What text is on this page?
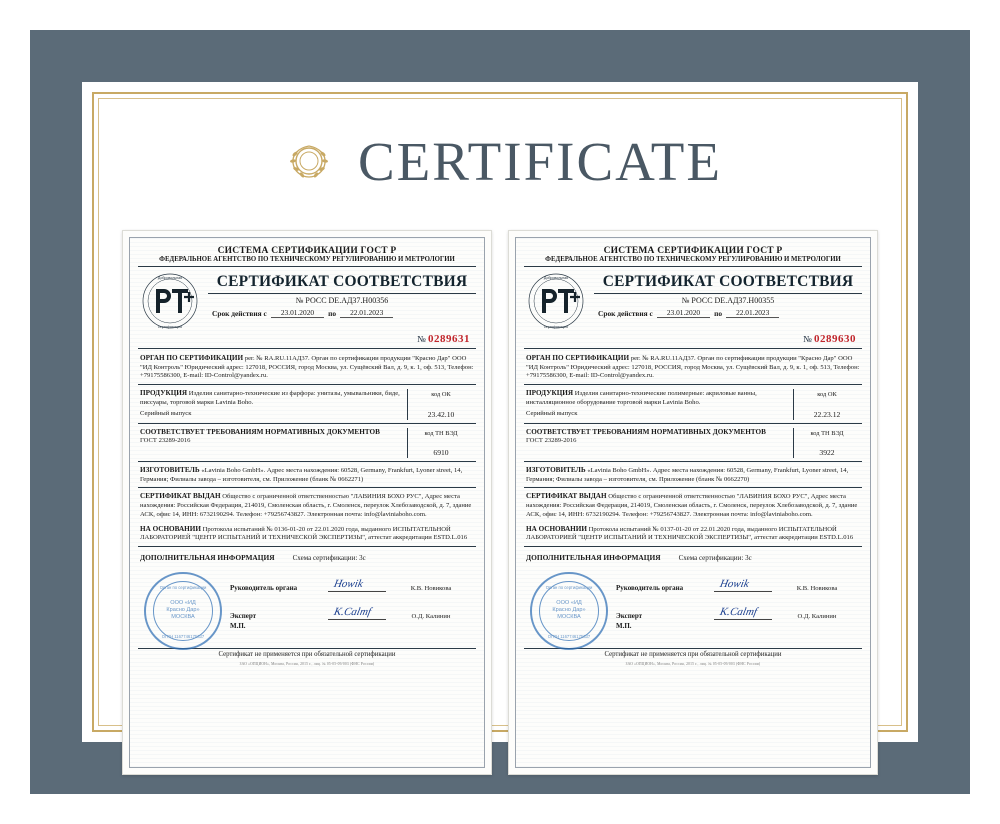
CERTIFICATE
СИСТЕМА СЕРТИФИКАЦИИ ГОСТ Р
ФЕДЕРАЛЬНОЕ АГЕНТСТВО ПО ТЕХНИЧЕСКОМУ РЕГУЛИРОВАНИЮ И МЕТРОЛОГИИ
Добровольная
сертификация
СЕРТИФИКАТ СООТВЕТСТВИЯ
№ РОСС DE.АД37.Н00356
Срок действия с	23.01.2020	по	22.01.2023
№ 0289631
ОРГАН ПО СЕРТИФИКАЦИИ рег. № RA.RU.11АД37. Орган по сертификации продукции "Красно Дар" ООО "ИД Контроль" Юридический адрес: 127018, РОССИЯ, город Москва, ул. Сущёвский Вал, д. 9, к. 1, оф. 513, Телефон: +79175586300, E-mail: ID-Control@yandex.ru.
ПРОДУКЦИЯ Изделия санитарно-технические из фарфора: унитазы, умывальники, биде, писсуары, торговой марки Lavinia Boho.
Серийный выпуск
код ОК
23.42.10
СООТВЕТСТВУЕТ ТРЕБОВАНИЯМ НОРМАТИВНЫХ ДОКУМЕНТОВ
ГОСТ 23289-2016
код ТН ВЭД
6910
ИЗГОТОВИТЕЛЬ «Lavinia Boho GmbH». Адрес места нахождения: 60528, Germany, Frankfurt, Lyoner street, 14, Германия; Филиалы завода – изготовителя, см. Приложение (бланк № 0662271)
СЕРТИФИКАТ ВЫДАН Общество с ограниченной ответственностью "ЛАВИНИЯ БОХО РУС", Адрес места нахождения: Российская Федерация, 214019, Смоленская область, г. Смоленск, переулок Хлебозаводской, д. 7, здание АСК, офис 14, ИНН: 6732190294. Телефон: +79256743827. Электронная почта: info@laviniaboho.com.
НА ОСНОВАНИИ Протокола испытаний № 0136-01-20 от 22.01.2020 года, выданного ИСПЫТАТЕЛЬНОЙ ЛАБОРАТОРИЕЙ "ЦЕНТР ИСПЫТАНИЙ И ТЕХНИЧЕСКОЙ ЭКСПЕРТИЗЫ", аттестат аккредитации ESTD.L.016
ДОПОЛНИТЕЛЬНАЯ ИНФОРМАЦИЯ	Схема сертификации: 3с
Орган по сертификации
ООО «ИД
Красно Дар»
МОСКВА
ОГРН 1167746175637
Руководитель органа	Howik	К.В. Новикова
Эксперт	K.Calmf	О.Д. Калинин
М.П.
Сертификат не применяется при обязательной сертификации
ЗАО «ОПЦИОН», Москва, Россия, 2015 г., лиц. № 05-05-09/003 (ФНС России)
СИСТЕМА СЕРТИФИКАЦИИ ГОСТ Р
ФЕДЕРАЛЬНОЕ АГЕНТСТВО ПО ТЕХНИЧЕСКОМУ РЕГУЛИРОВАНИЮ И МЕТРОЛОГИИ
Добровольная
сертификация
СЕРТИФИКАТ СООТВЕТСТВИЯ
№ РОСС DE.АД37.Н00355
Срок действия с	23.01.2020	по	22.01.2023
№ 0289630
ОРГАН ПО СЕРТИФИКАЦИИ рег. № RA.RU.11АД37. Орган по сертификации продукции "Красно Дар" ООО "ИД Контроль" Юридический адрес: 127018, РОССИЯ, город Москва, ул. Сущёвский Вал, д. 9, к. 1, оф. 513, Телефон: +79175586300, E-mail: ID-Control@yandex.ru.
ПРОДУКЦИЯ Изделия санитарно-технические полимерные: акриловые ванны, инсталляционное оборудование торговой марки Lavinia Boho.
Серийный выпуск
код ОК
22.23.12
СООТВЕТСТВУЕТ ТРЕБОВАНИЯМ НОРМАТИВНЫХ ДОКУМЕНТОВ
ГОСТ 23289-2016
код ТН ВЭД
3922
ИЗГОТОВИТЕЛЬ «Lavinia Boho GmbH». Адрес места нахождения: 60528, Germany, Frankfurt, Lyoner street, 14, Германия; Филиалы завода – изготовителя, см. Приложение (бланк № 0662270)
СЕРТИФИКАТ ВЫДАН Общество с ограниченной ответственностью "ЛАВИНИЯ БОХО РУС", Адрес места нахождения: Российская Федерация, 214019, Смоленская область, г. Смоленск, переулок Хлебозаводской, д. 7, здание АСК, офис 14, ИНН: 6732190294. Телефон: +79256743827. Электронная почта: info@laviniaboho.com.
НА ОСНОВАНИИ Протокола испытаний № 0137-01-20 от 22.01.2020 года, выданного ИСПЫТАТЕЛЬНОЙ ЛАБОРАТОРИЕЙ "ЦЕНТР ИСПЫТАНИЙ И ТЕХНИЧЕСКОЙ ЭКСПЕРТИЗЫ", аттестат аккредитации ESTD.L.016
ДОПОЛНИТЕЛЬНАЯ ИНФОРМАЦИЯ	Схема сертификации: 3с
Орган по сертификации
ООО «ИД
Красно Дар»
МОСКВА
ОГРН 1167746175637
Руководитель органа	Howik	К.В. Новикова
Эксперт	K.Calmf	О.Д. Калинин
М.П.
Сертификат не применяется при обязательной сертификации
ЗАО «ОПЦИОН», Москва, Россия, 2015 г., лиц. № 05-05-09/003 (ФНС России)
